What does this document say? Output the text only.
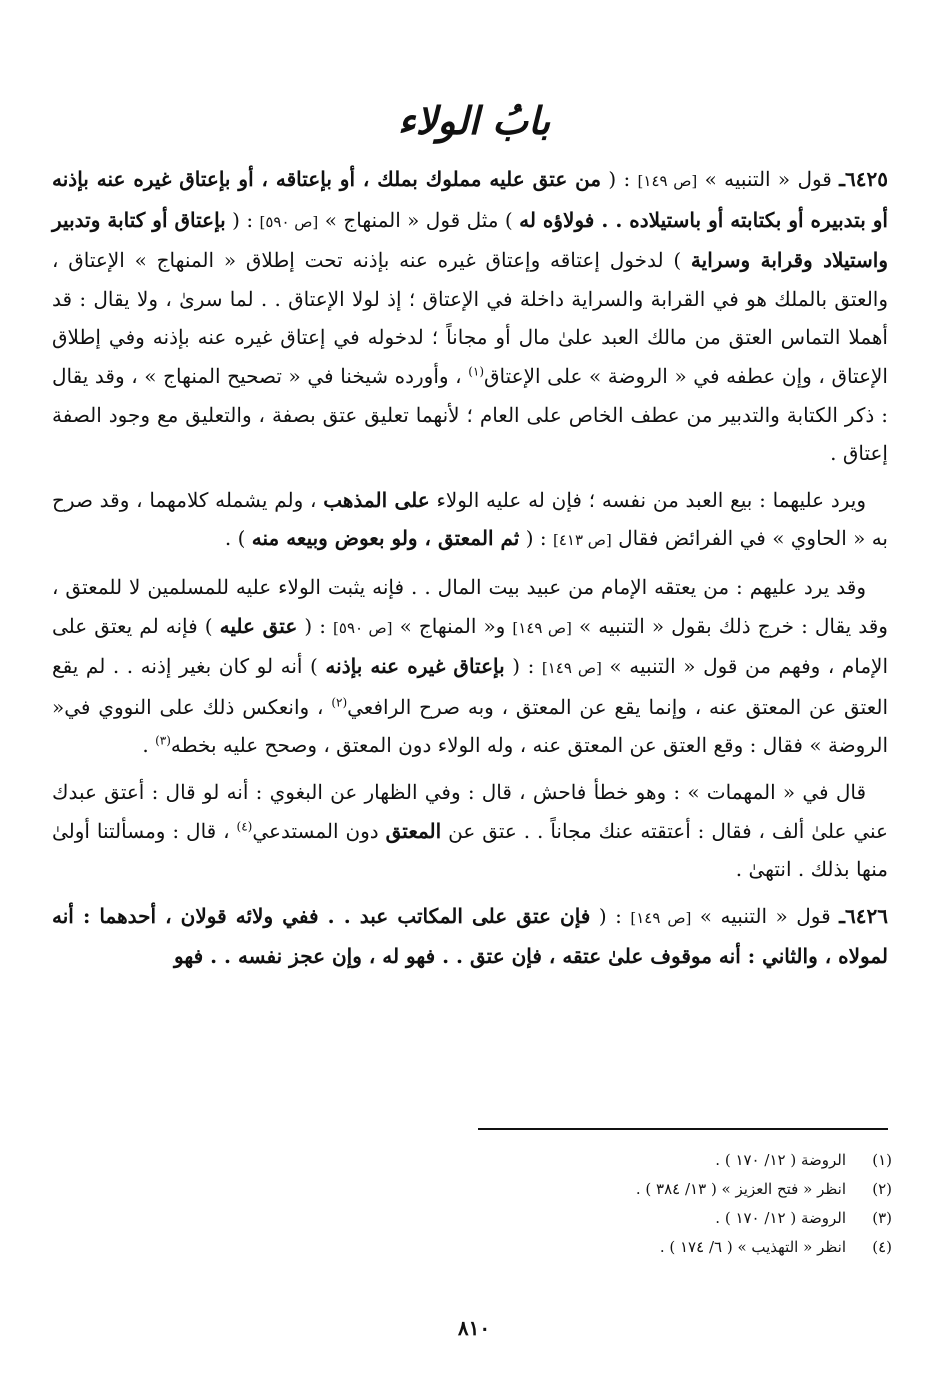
بابُ الولاء

٦٤٢٥ـ قول « التنبيه » [ص ١٤٩] : ( من عتق عليه مملوك بملك ، أو بإعتاقه ، أو بإعتاق غيره عنه بإذنه أو بتدبيره أو بكتابته أو باستيلاده . . فولاؤه له ) مثل قول « المنهاج » [ص ٥٩٠] : ( بإعتاق أو كتابة وتدبير واستيلاد وقرابة وسراية ) لدخول إعتاقه وإعتاق غيره عنه بإذنه تحت إطلاق « المنهاج » الإعتاق ، والعتق بالملك هو في القرابة والسراية داخلة في الإعتاق ؛ إذ لولا الإعتاق . . لما سرىٰ ، ولا يقال : قد أهملا التماس العتق من مالك العبد علىٰ مال أو مجاناً ؛ لدخوله في إعتاق غيره عنه بإذنه وفي إطلاق الإعتاق ، وإن عطفه في « الروضة » على الإعتاق$^{(١)}$ ، وأورده شيخنا في « تصحيح المنهاج » ، وقد يقال : ذكر الكتابة والتدبير من عطف الخاص على العام ؛ لأنهما تعليق عتق بصفة ، والتعليق مع وجود الصفة إعتاق .

ويرد عليهما : بيع العبد من نفسه ؛ فإن له عليه الولاء على المذهب ، ولم يشمله كلامهما ، وقد صرح به « الحاوي » في الفرائض فقال [ص ٤١٣] : ( ثم المعتق ، ولو بعوض وبيعه منه ) .

وقد يرد عليهم : من يعتقه الإمام من عبيد بيت المال . . فإنه يثبت الولاء عليه للمسلمين لا للمعتق ، وقد يقال : خرج ذلك بقول « التنبيه » [ص ١٤٩] و« المنهاج » [ص ٥٩٠] : ( عتق عليه ) فإنه لم يعتق على الإمام ، وفهم من قول « التنبيه » [ص ١٤٩] : ( بإعتاق غيره عنه بإذنه ) أنه لو كان بغير إذنه . . لم يقع العتق عن المعتق عنه ، وإنما يقع عن المعتق ، وبه صرح الرافعي$^{(٢)}$ ، وانعكس ذلك على النووي في« الروضة » فقال : وقع العتق عن المعتق عنه ، وله الولاء دون المعتق ، وصحح عليه بخطه$^{(٣)}$ .

قال في « المهمات » : وهو خطأ فاحش ، قال : وفي الظهار عن البغوي : أنه لو قال : أعتق عبدك عني علىٰ ألف ، فقال : أعتقته عنك مجاناً . . عتق عن المعتق دون المستدعي$^{(٤)}$ ، قال : ومسألتنا أولىٰ منها بذلك . انتهىٰ .

٦٤٢٦ـ قول « التنبيه » [ص ١٤٩] : ( فإن عتق على المكاتب عبد . . ففي ولائه قولان ، أحدهما : أنه لمولاه ، والثاني : أنه موقوف علىٰ عتقه ، فإن عتق . . فهو له ، وإن عجز نفسه . . فهو

(١)الروضة ( ١٢/ ١٧٠ ) .
(٢)انظر « فتح العزيز » ( ١٣/ ٣٨٤ ) .
(٣)الروضة ( ١٢/ ١٧٠ ) .
(٤)انظر « التهذيب » ( ٦/ ١٧٤ ) .
٨١٠
